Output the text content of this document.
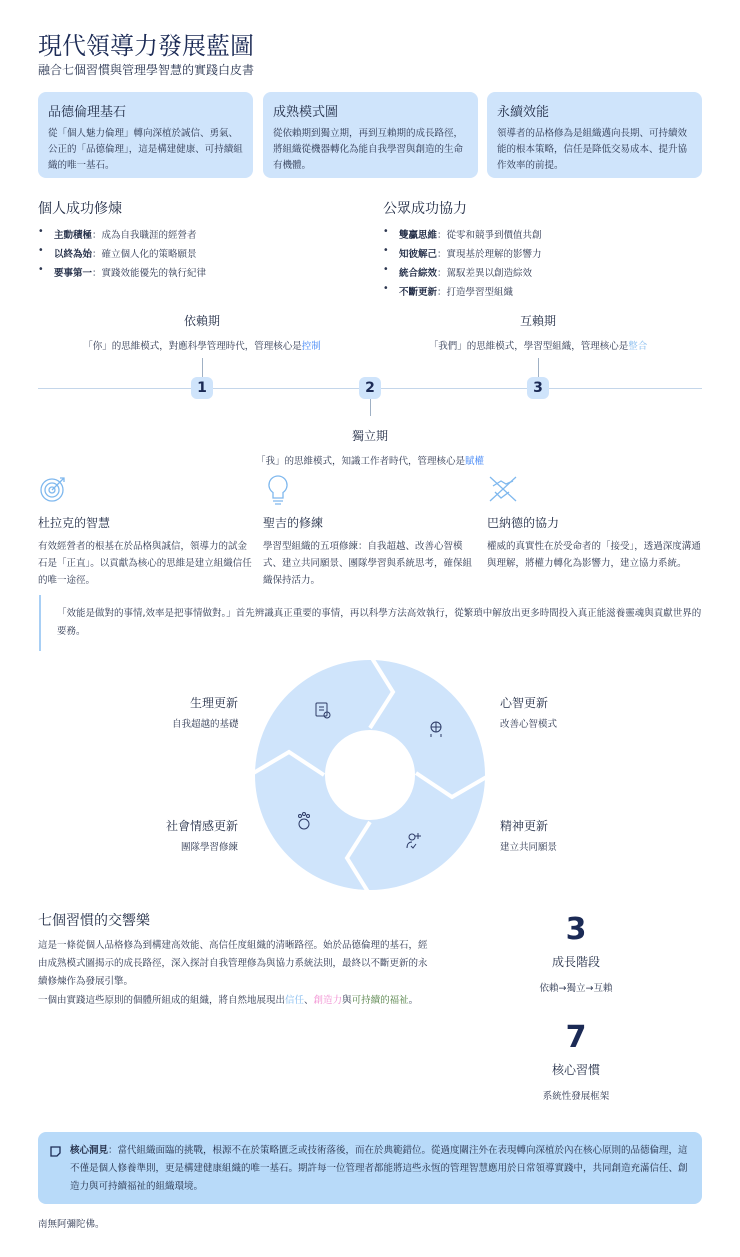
現代領導力發展藍圖
融合七個習慣與管理學智慧的實踐白皮書
品德倫理基石

從「個人魅力倫理」轉向深植於誠信、勇氣、公正的「品德倫理」，這是構建健康、可持續組織的唯一基石。

成熟模式圖

從依賴期到獨立期，再到互賴期的成長路徑，將組織從機器轉化為能自我學習與創造的生命有機體。

永續效能

領導者的品格修為是組織邁向長期、可持續效能的根本策略，信任是降低交易成本、提升協作效率的前提。

個人成功修煉
• 主動積極：成為自我職涯的經營者
• 以終為始：確立個人化的策略願景
• 要事第一：實踐效能優先的執行紀律
公眾成功協力
• 雙贏思維：從零和競爭到價值共創
• 知彼解己：實現基於理解的影響力
• 統合綜效：駕馭差異以創造綜效
• 不斷更新：打造學習型組織
依賴期
「你」的思維模式，對應科學管理時代，管理核心是控制
互賴期
「我們」的思維模式，學習型組織，管理核心是整合
獨立期
「我」的思維模式，知識工作者時代，管理核心是賦權
1	2	3
杜拉克的智慧

有效經營者的根基在於品格與誠信，領導力的試金石是「正直」。以貢獻為核心的思維是建立組織信任的唯一途徑。

聖吉的修練

學習型組織的五項修練：自我超越、改善心智模式、建立共同願景、團隊學習與系統思考，確保組織保持活力。

巴納德的協力

權威的真實性在於受命者的「接受」，透過深度溝通與理解，將權力轉化為影響力，建立協力系統。

「效能是做對的事情,效率是把事情做對。」首先辨識真正重要的事情，再以科學方法高效執行，從繁瑣中解放出更多時間投入真正能滋養靈魂與貢獻世界的要務。
生理更新
自我超越的基礎
心智更新
改善心智模式
社會情感更新
團隊學習修練
精神更新
建立共同願景
七個習慣的交響樂
這是一條從個人品格修為到構建高效能、高信任度組織的清晰路徑。始於品德倫理的基石，經由成熟模式圖揭示的成長路徑，深入探討自我管理修為與協力系統法則，最終以不斷更新的永續修煉作為發展引擎。
一個由實踐這些原則的個體所組成的組織，將自然地展現出信任、創造力與可持續的福祉。
3
成長階段
依賴→獨立→互賴
7
核心習慣
系統性發展框架
核心洞見：當代組織面臨的挑戰，根源不在於策略匱乏或技術落後，而在於典範錯位。從過度關注外在表現轉向深植於內在核心原則的品德倫理，這不僅是個人修養準則，更是構建健康組織的唯一基石。期許每一位管理者都能將這些永恆的管理智慧應用於日常領導實踐中，共同創造充滿信任、創造力與可持續福祉的組織環境。
南無阿彌陀佛。
